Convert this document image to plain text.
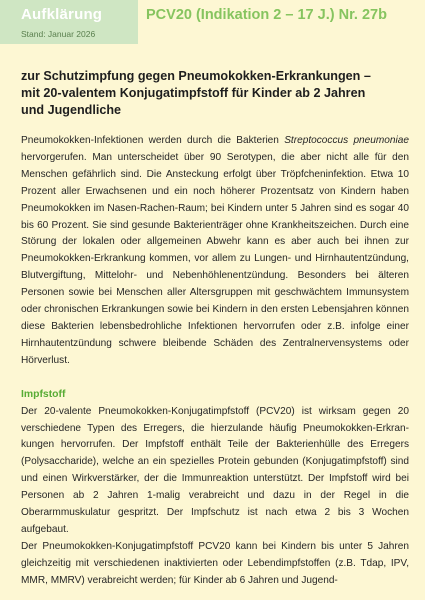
Aufklärung
Stand: Januar 2026
PCV20 (Indikation 2 – 17 J.) Nr. 27b
zur Schutzimpfung gegen Pneumokokken-Erkrankungen –
mit 20-valentem Konjugatimpfstoff für Kinder ab 2 Jahren
und Jugendliche

Pneumokokken-Infektionen werden durch die Bakterien Streptococcus pneumoniae hervorgerufen. Man unterscheidet über 90 Serotypen, die aber nicht alle für den Menschen gefährlich sind. Die Ansteckung erfolgt über Tröpfcheninfektion. Etwa 10 Prozent aller Erwachsenen und ein noch höherer Prozentsatz von Kindern haben Pneumokokken im Nasen-Rachen-Raum; bei Kindern unter 5 Jahren sind es sogar 40 bis 60 Prozent. Sie sind gesunde Bakterienträger ohne Krankheitszeichen. Durch eine Störung der lokalen oder allgemeinen Abwehr kann es aber auch bei ihnen zur Pneumokokken-Erkrankung kommen, vor allem zu Lungen- und Hirnhautentzündung, Blutvergiftung, Mittelohr- und Nebenhöhlenentzündung. Besonders bei älteren Personen sowie bei Menschen aller Altersgruppen mit geschwächtem Immunsystem oder chronischen Erkrankungen sowie bei Kindern in den ersten Lebensjahren können diese Bakterien lebensbedrohliche Infektionen hervorrufen oder z.B. infolge einer Hirnhautentzündung schwere bleibende Schäden des Zentralnervensystems oder Hörverlust.

Impfstoff

Der 20-valente Pneumokokken-Konjugatimpfstoff (PCV20) ist wirksam gegen 20 verschiedene Typen des Erregers, die hierzulande häufig Pneumokokken-Erkrankungen hervorrufen. Der Impfstoff enthält Teile der Bakterienhülle des Erregers (Polysaccharide), welche an ein spezielles Protein gebunden (Konjugatimpfstoff) sind und einen Wirkverstärker, der die Immunreaktion unterstützt. Der Impfstoff wird bei Personen ab 2 Jahren 1-malig verabreicht und dazu in der Regel in die Oberarmmuskulatur gespritzt. Der Impfschutz ist nach etwa 2 bis 3 Wochen aufgebaut.

Der Pneumokokken-Konjugatimpfstoff PCV20 kann bei Kindern bis unter 5 Jahren gleichzeitig mit verschiedenen inaktivierten oder Lebendimpfstoffen (z.B. Tdap, IPV, MMR, MMRV) verabreicht werden; für Kinder ab 6 Jahren und Jugend-
